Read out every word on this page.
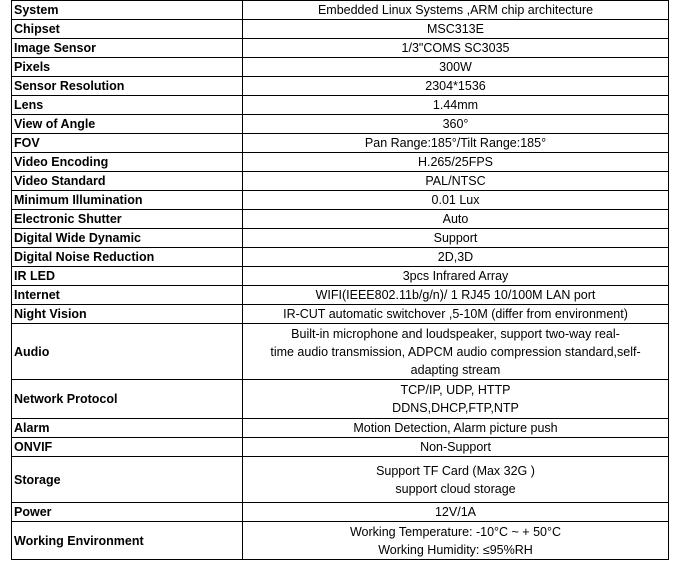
System	Embedded Linux Systems ,ARM chip architecture

Chipset	MSC313E

Image Sensor	1/3"COMS SC3035

Pixels	300W

Sensor Resolution	2304*1536

Lens	1.44mm

View of Angle	360°

FOV	Pan Range:185°/Tilt Range:185°

Video Encoding	H.265/25FPS

Video Standard	PAL/NTSC

Minimum Illumination	0.01 Lux

Electronic Shutter	Auto

Digital Wide Dynamic	Support

Digital Noise Reduction	2D,3D

IR LED	3pcs Infrared Array

Internet	WIFI(IEEE802.11b/g/n)/ 1 RJ45 10/100M LAN port

Night Vision	IR-CUT automatic switchover ,5-10M (differ from environment)

Audio	Built-in microphone and loudspeaker, support two-way real-
time audio transmission, ADPCM audio compression standard,self-
adapting stream

Network Protocol	TCP/IP, UDP, HTTP
DDNS,DHCP,FTP,NTP

Alarm	Motion Detection, Alarm picture push

ONVIF	Non-Support

Storage	Support TF Card (Max 32G )
support cloud storage

Power	12V/1A

Working Environment	Working Temperature: -10°C ~ + 50°C
Working Humidity: ≤95%RH
